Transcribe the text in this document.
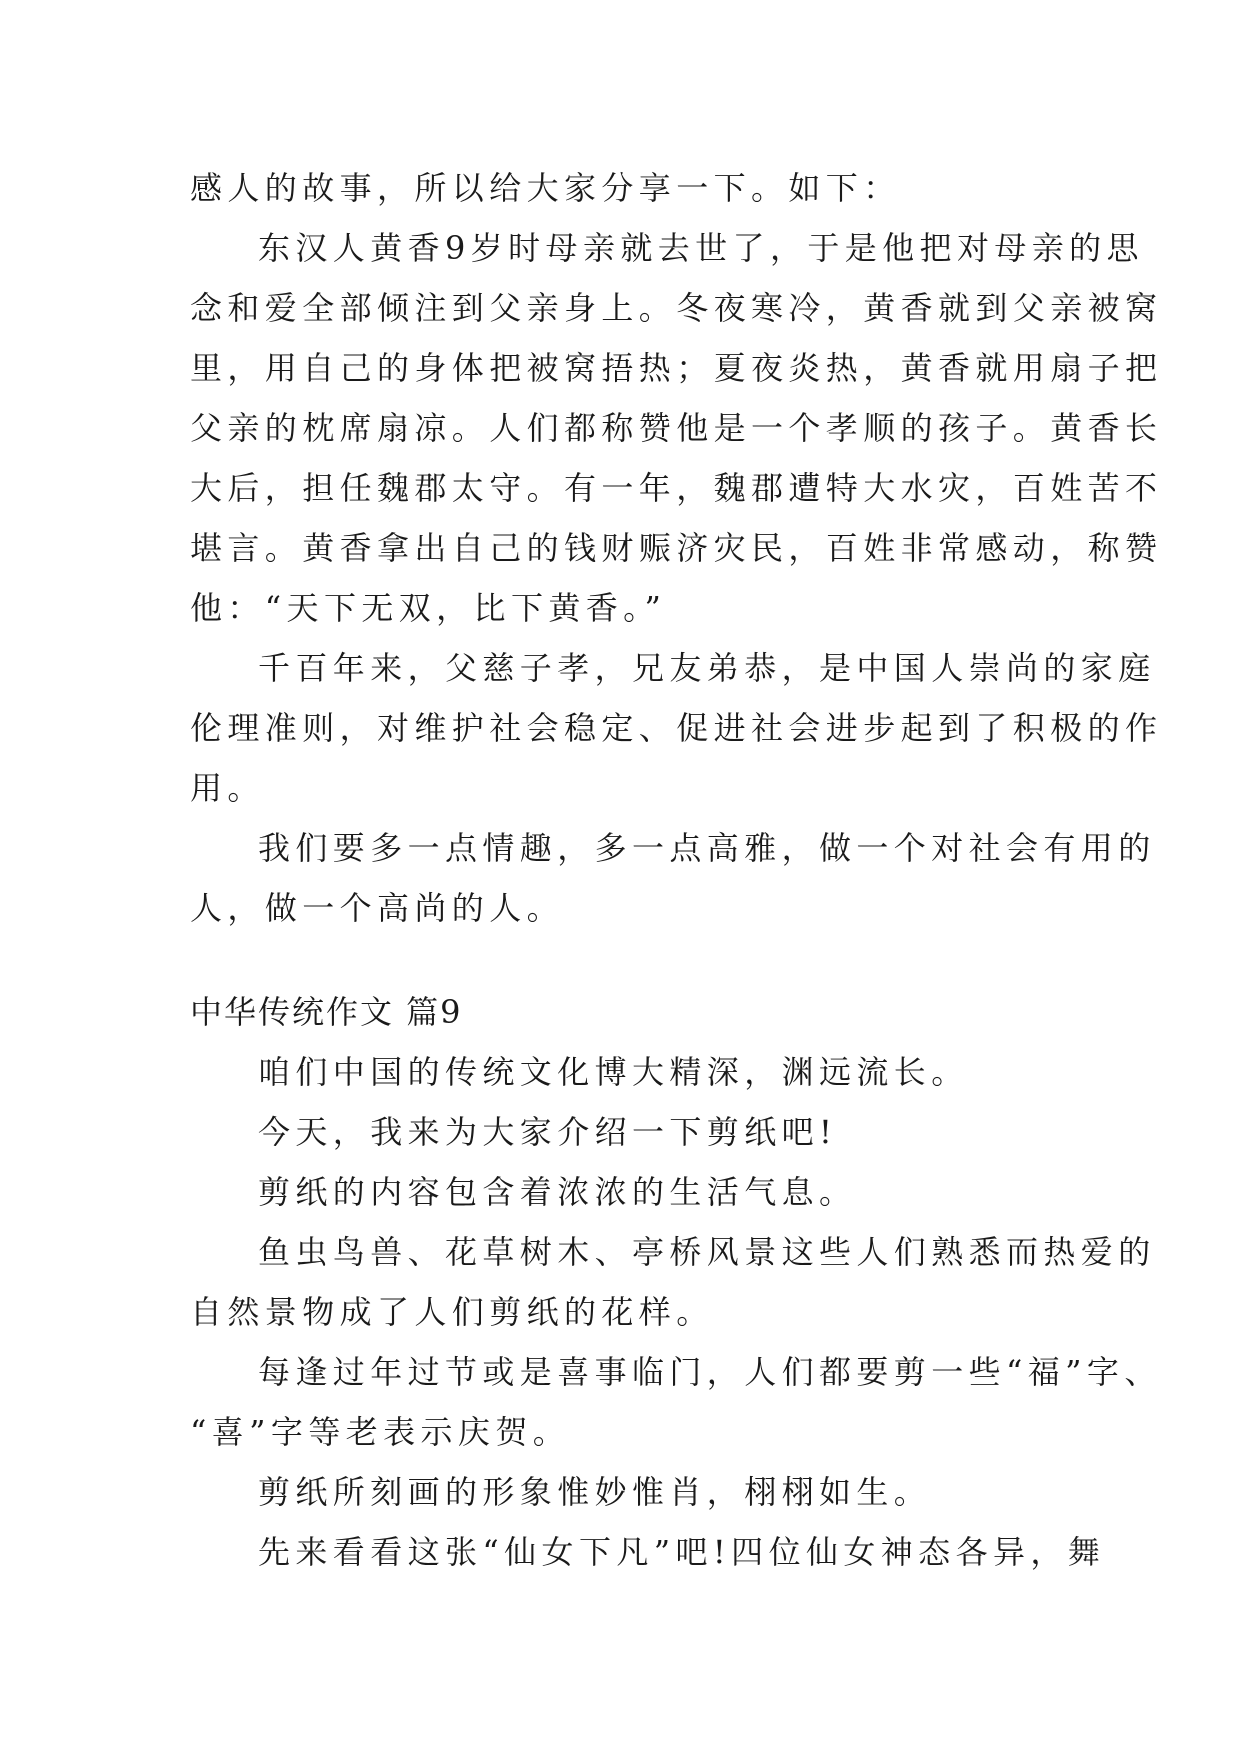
感人的故事，所以给大家分享一下。如下：

东汉人黄香9岁时母亲就去世了，于是他把对母亲的思

念和爱全部倾注到父亲身上。冬夜寒冷，黄香就到父亲被窝

里，用自己的身体把被窝捂热；夏夜炎热，黄香就用扇子把

父亲的枕席扇凉。人们都称赞他是一个孝顺的孩子。黄香长

大后，担任魏郡太守。有一年，魏郡遭特大水灾，百姓苦不

堪言。黄香拿出自己的钱财赈济灾民，百姓非常感动，称赞

他：“天下无双，比下黄香。”

千百年来，父慈子孝，兄友弟恭，是中国人崇尚的家庭

伦理准则，对维护社会稳定、促进社会进步起到了积极的作

用。

我们要多一点情趣，多一点高雅，做一个对社会有用的

人，做一个高尚的人。

中华传统作文 篇9

咱们中国的传统文化博大精深，渊远流长。

今天，我来为大家介绍一下剪纸吧!

剪纸的内容包含着浓浓的生活气息。

鱼虫鸟兽、花草树木、亭桥风景这些人们熟悉而热爱的

自然景物成了人们剪纸的花样。

每逢过年过节或是喜事临门，人们都要剪一些“福”字、

“喜”字等老表示庆贺。

剪纸所刻画的形象惟妙惟肖，栩栩如生。

先来看看这张“仙女下凡”吧!四位仙女神态各异，舞
